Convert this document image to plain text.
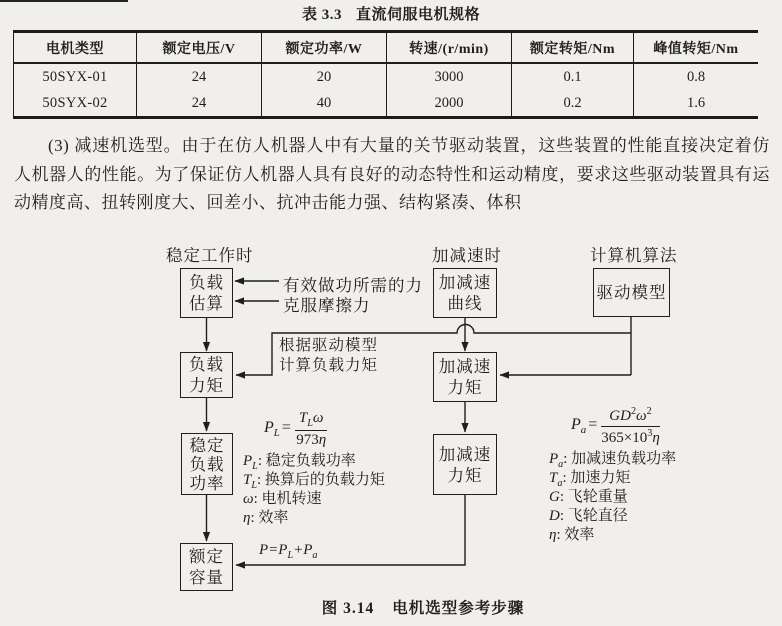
表 3.3 直流伺服电机规格
电机类型	额定电压/V	额定功率/W	转速/(r/min)	额定转矩/Nm	峰值转矩/Nm
50SYX-01	24	20	3000	0.1	0.8
50SYX-02	24	40	2000	0.2	1.6
(3) 减速机选型。由于在仿人机器人中有大量的关节驱动装置，这些装置的性能直接决定着仿人机器人的性能。为了保证仿人机器人具有良好的动态特性和运动精度，要求这些驱动装置具有运动精度高、扭转刚度大、回差小、抗冲击能力强、结构紧凑、体积
稳定工作时	加减速时	计算机算法
负载
估算
加减速
曲线
驱动模型
负载
力矩
加减速
力矩
稳定
负载
功率
加减速
力矩
额定
容量
有效做功所需的力
克服摩擦力
根据驱动模型
计算负载力矩
$P_L = \frac{T_L\omega}{973\eta}$
$P_L$: 稳定负载功率
$T_L$: 换算后的负载力矩
ω: 电机转速
η: 效率
$P_a = \frac{GD^2\omega^2}{365\times 10^3\eta}$
$P_a$: 加减速负载功率
$T_a$: 加速力矩
G: 飞轮重量
D: 飞轮直径
η: 效率
$P=P_L+P_a$
图 3.14 电机选型参考步骤
